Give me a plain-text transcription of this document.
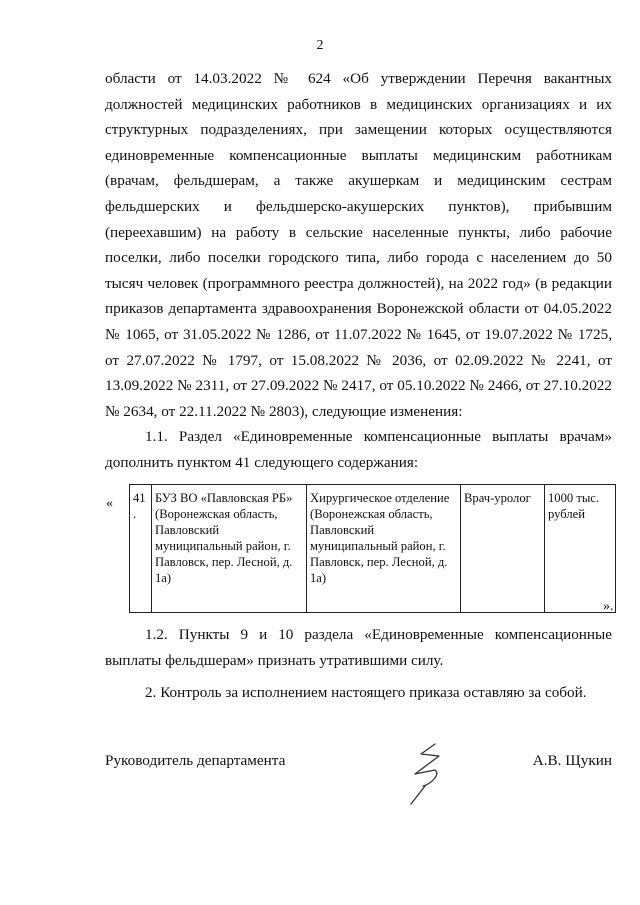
2

области от 14.03.2022 № 624 «Об утверждении Перечня вакантных должностей медицинских работников в медицинских организациях и их структурных подразделениях, при замещении которых осуществляются единовременные компенсационные выплаты медицинским работникам (врачам, фельдшерам, а также акушеркам и медицинским сестрам фельдшерских и фельдшерско-акушерских пунктов), прибывшим (переехавшим) на работу в сельские населенные пункты, либо рабочие поселки, либо поселки городского типа, либо города с населением до 50 тысяч человек (программного реестра должностей), на 2022 год» (в редакции приказов департамента здравоохранения Воронежской области от 04.05.2022 № 1065, от 31.05.2022 № 1286, от 11.07.2022 № 1645, от 19.07.2022 № 1725, от 27.07.2022 № 1797, от 15.08.2022 № 2036, от 02.09.2022 № 2241, от 13.09.2022 № 2311, от 27.09.2022 № 2417, от 05.10.2022 № 2466, от 27.10.2022 № 2634, от 22.11.2022 № 2803), следующие изменения:

1.1. Раздел «Единовременные компенсационные выплаты врачам» дополнить пунктом 41 следующего содержания:

« 41.	БУЗ ВО «Павловская РБ» (Воронежская область, Павловский муниципальный район, г. Павловск, пер. Лесной, д. 1а)	Хирургическое отделение (Воронежская область, Павловский муниципальный район, г. Павловск, пер. Лесной, д. 1а)	Врач-уролог	1000 тыс. рублей
».

1.2. Пункты 9 и 10 раздела «Единовременные компенсационные выплаты фельдшерам» признать утратившими силу.

2. Контроль за исполнением настоящего приказа оставляю за собой.

Руководитель департамента	А.В. Щукин
